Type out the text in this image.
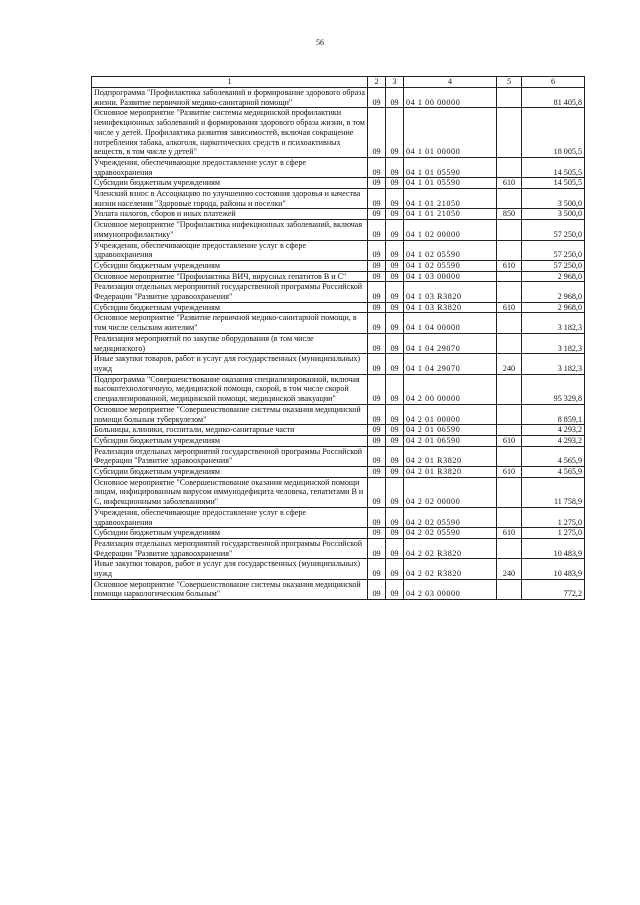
56
1	2	3	4	5	6
Подпрограмма "Профилактика заболеваний и формирование здорового образа жизни. Развитие первичной медико-санитарной помощи"	09	09	04 1 00 00000		81 405,8
Основное мероприятие "Развитие системы медицинской профилактики неинфекционных заболеваний и формирования здорового образа жизни, в том числе у детей. Профилактика развития зависимостей, включая сокращение потребления табака, алкоголя, наркотических средств и психоактивных веществ, в том числе у детей"	09	09	04 1 01 00000		18 005,5
Учреждения, обеспечивающие предоставление услуг в сфере здравоохранения	09	09	04 1 01 05590		14 505,5
Субсидии бюджетным учреждениям	09	09	04 1 01 05590	610	14 505,5
Членский взнос в Ассоциацию по улучшению состояния здоровья и качества жизни населения "Здоровые города, районы и поселки"	09	09	04 1 01 21050		3 500,0
Уплата налогов, сборов и иных платежей	09	09	04 1 01 21050	850	3 500,0
Основное мероприятие "Профилактика инфекционных заболеваний, включая иммунопрофилактику"	09	09	04 1 02 00000		57 250,0
Учреждения, обеспечивающие предоставление услуг в сфере здравоохранения	09	09	04 1 02 05590		57 250,0
Субсидии бюджетным учреждениям	09	09	04 1 02 05590	610	57 250,0
Основное мероприятие "Профилактика ВИЧ, вирусных гепатитов В и С"	09	09	04 1 03 00000		2 968,0
Реализация отдельных мероприятий государственной программы Российской Федерации "Развитие здравоохранения"	09	09	04 1 03 R3820		2 968,0
Субсидии бюджетным учреждениям	09	09	04 1 03 R3820	610	2 968,0
Основное мероприятие "Развитие первичной медико-санитарной помощи, в том числе сельским жителям"	09	09	04 1 04 00000		3 182,3
Реализация мероприятий по закупке оборудования (в том числе медицинского)	09	09	04 1 04 29070		3 182,3
Иные закупки товаров, работ и услуг для государственных (муниципальных) нужд	09	09	04 1 04 29070	240	3 182,3
Подпрограмма "Совершенствование оказания специализированной, включая высокотехнологичную, медицинской помощи, скорой, в том числе скорой специализированной, медицинской помощи, медицинской эвакуации"	09	09	04 2 00 00000		95 329,8
Основное мероприятие "Совершенствование системы оказания медицинской помощи больным туберкулезом"	09	09	04 2 01 00000		8 859,1
Больницы, клиники, госпитали, медико-санитарные части	09	09	04 2 01 06590		4 293,2
Субсидии бюджетным учреждениям	09	09	04 2 01 06590	610	4 293,2
Реализация отдельных мероприятий государственной программы Российской Федерации "Развитие здравоохранения"	09	09	04 2 01 R3820		4 565,9
Субсидии бюджетным учреждениям	09	09	04 2 01 R3820	610	4 565,9
Основное мероприятие "Совершенствование оказания медицинской помощи лицам, инфицированным вирусом иммунодефицита человека, гепатитами В и С, инфекционными заболеваниями"	09	09	04 2 02 00000		11 758,9
Учреждения, обеспечивающие предоставление услуг в сфере здравоохранения	09	09	04 2 02 05590		1 275,0
Субсидии бюджетным учреждениям	09	09	04 2 02 05590	610	1 275,0
Реализация отдельных мероприятий государственной программы Российской Федерации "Развитие здравоохранения"	09	09	04 2 02 R3820		10 483,9
Иные закупки товаров, работ и услуг для государственных (муниципальных) нужд	09	09	04 2 02 R3820	240	10 483,9
Основное мероприятие "Совершенствование системы оказания медицинской помощи наркологическим больным"	09	09	04 2 03 00000		772,2
